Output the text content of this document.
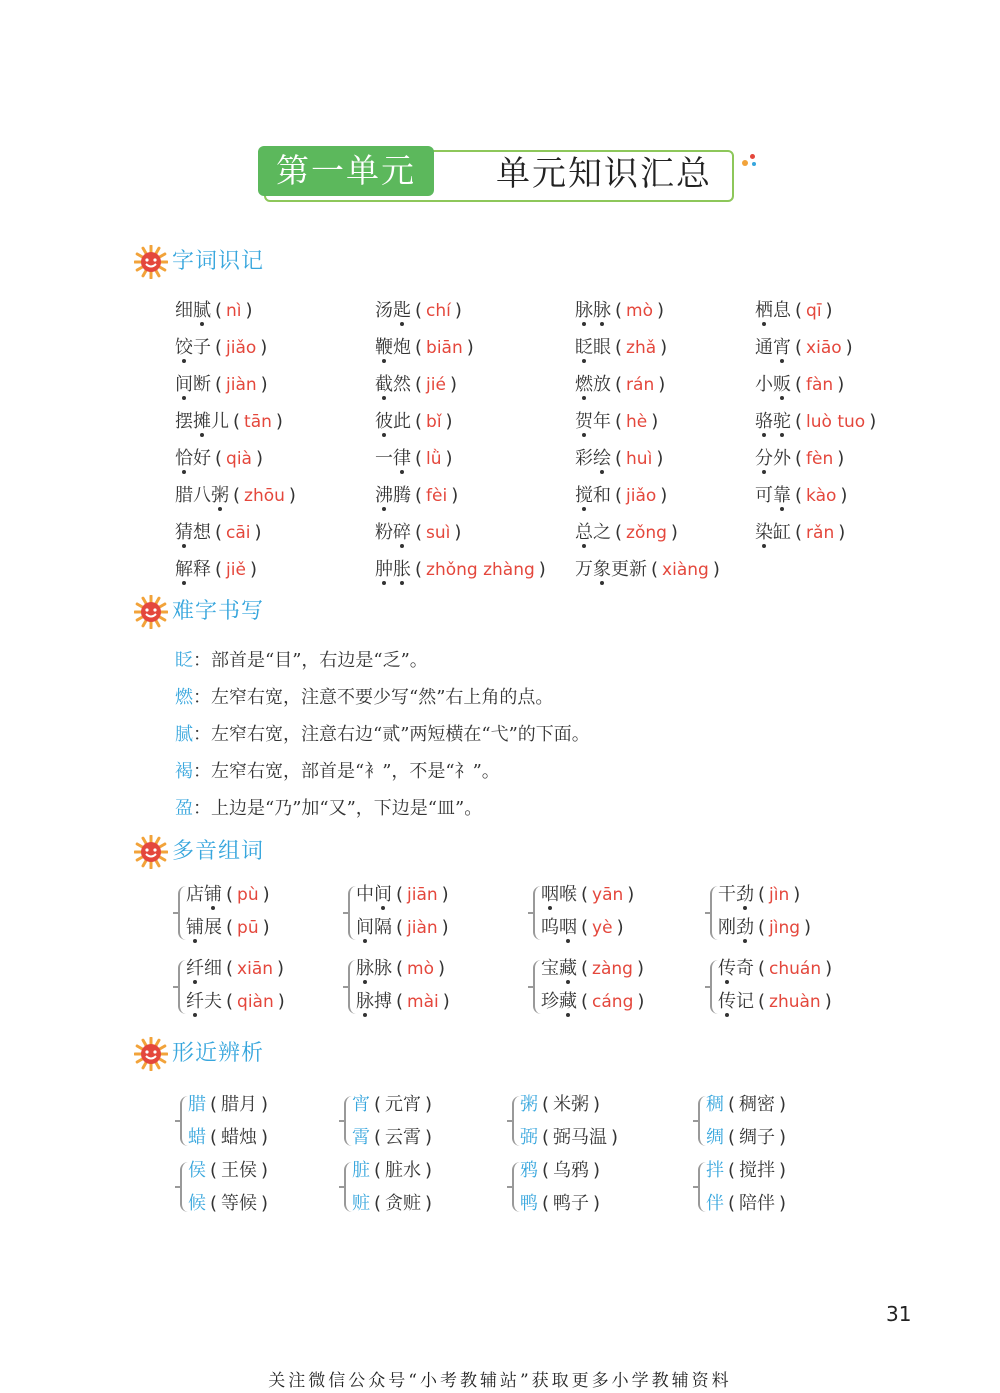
第一单元	单元知识汇总
字词识记
难字书写
多音组词
形近辨析
细腻 ( nì )
饺子 ( jiǎo )
间断 ( jiàn )
摆摊儿 ( tān )
恰好 ( qià )
腊八粥 ( zhōu )
猜想 ( cāi )
解释 ( jiě )
汤匙 ( chí )
鞭炮 ( biān )
截然 ( jié )
彼此 ( bǐ )
一律 ( lǜ )
沸腾 ( fèi )
粉碎 ( suì )
肿胀 ( zhǒng zhàng )
脉脉 ( mò )
眨眼 ( zhǎ )
燃放 ( rán )
贺年 ( hè )
彩绘 ( huì )
搅和 ( jiǎo )
总之 ( zǒng )
万象更新 ( xiàng )
栖息 ( qī )
通宵 ( xiāo )
小贩 ( fàn )
骆驼 ( luò tuo )
分外 ( fèn )
可靠 ( kào )
染缸 ( rǎn )
眨：部首是“目”，右边是“乏”。
燃：左窄右宽，注意不要少写“然”右上角的点。
腻：左窄右宽，注意右边“贰”两短横在“弋”的下面。
褐：左窄右宽，部首是“衤”，不是“礻”。
盈：上边是“乃”加“又”，下边是“皿”。
店铺 ( pù )
铺展 ( pū )
中间 ( jiān )
间隔 ( jiàn )
咽喉 ( yān )
呜咽 ( yè )
干劲 ( jìn )
刚劲 ( jìng )
纤细 ( xiān )
纤夫 ( qiàn )
脉脉 ( mò )
脉搏 ( mài )
宝藏 ( zàng )
珍藏 ( cáng )
传奇 ( chuán )
传记 ( zhuàn )
腊 ( 腊月 )
蜡 ( 蜡烛 )
宵 ( 元宵 )
霄 ( 云霄 )
粥 ( 米粥 )
弼 ( 弼马温 )
稠 ( 稠密 )
绸 ( 绸子 )
侯 ( 王侯 )
候 ( 等候 )
脏 ( 脏水 )
赃 ( 贪赃 )
鸦 ( 乌鸦 )
鸭 ( 鸭子 )
拌 ( 搅拌 )
伴 ( 陪伴 )
31
关注微信公众号“小考教辅站”获取更多小学教辅资料
